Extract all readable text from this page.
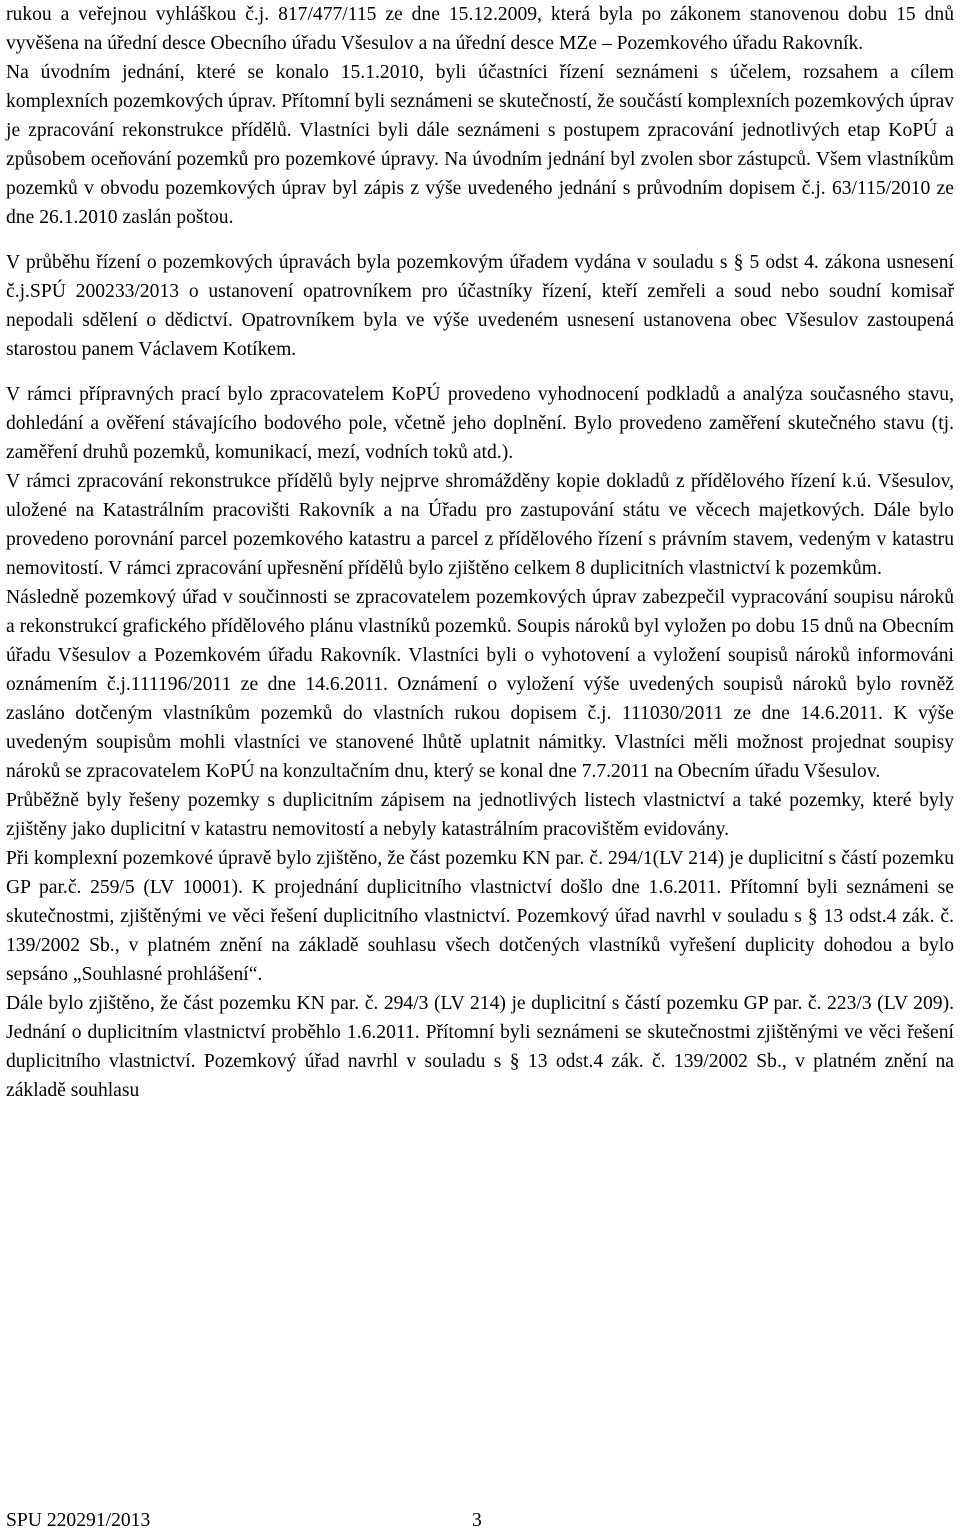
rukou a veřejnou vyhláškou č.j. 817/477/115 ze dne 15.12.2009, která byla po zákonem stanovenou dobu 15 dnů vyvěšena na úřední desce Obecního úřadu Všesulov a na úřední desce MZe – Pozemkového úřadu Rakovník.

Na úvodním jednání, které se konalo 15.1.2010, byli účastníci řízení seznámeni s účelem, rozsahem a cílem komplexních pozemkových úprav. Přítomní byli seznámeni se skutečností, že součástí komplexních pozemkových úprav je zpracování rekonstrukce přídělů. Vlastníci byli dále seznámeni s postupem zpracování jednotlivých etap KoPÚ a způsobem oceňování pozemků pro pozemkové úpravy. Na úvodním jednání byl zvolen sbor zástupců. Všem vlastníkům pozemků v obvodu pozemkových úprav byl zápis z výše uvedeného jednání s průvodním dopisem č.j. 63/115/2010 ze dne 26.1.2010 zaslán poštou.

V průběhu řízení o pozemkových úpravách byla pozemkovým úřadem vydána v souladu s § 5 odst 4. zákona usnesení č.j.SPÚ 200233/2013 o ustanovení opatrovníkem pro účastníky řízení, kteří zemřeli a soud nebo soudní komisař nepodali sdělení o dědictví. Opatrovníkem byla ve výše uvedeném usnesení ustanovena obec Všesulov zastoupená starostou panem Václavem Kotíkem.

V rámci přípravných prací bylo zpracovatelem KoPÚ provedeno vyhodnocení podkladů a analýza současného stavu, dohledání a ověření stávajícího bodového pole, včetně jeho doplnění. Bylo provedeno zaměření skutečného stavu (tj. zaměření druhů pozemků, komunikací, mezí, vodních toků atd.).

V rámci zpracování rekonstrukce přídělů byly nejprve shromážděny kopie dokladů z přídělového řízení k.ú. Všesulov, uložené na Katastrálním pracovišti Rakovník a na Úřadu pro zastupování státu ve věcech majetkových. Dále bylo provedeno porovnání parcel pozemkového katastru a parcel z přídělového řízení s právním stavem, vedeným v katastru nemovitostí. V rámci zpracování upřesnění přídělů bylo zjištěno celkem 8 duplicitních vlastnictví k pozemkům.

Následně pozemkový úřad v součinnosti se zpracovatelem pozemkových úprav zabezpečil vypracování soupisu nároků a rekonstrukcí grafického přídělového plánu vlastníků pozemků. Soupis nároků byl vyložen po dobu 15 dnů na Obecním úřadu Všesulov a Pozemkovém úřadu Rakovník. Vlastníci byli o vyhotovení a vyložení soupisů nároků informováni oznámením č.j.111196/2011 ze dne 14.6.2011. Oznámení o vyložení výše uvedených soupisů nároků bylo rovněž zasláno dotčeným vlastníkům pozemků do vlastních rukou dopisem č.j. 111030/2011 ze dne 14.6.2011. K výše uvedeným soupisům mohli vlastníci ve stanovené lhůtě uplatnit námitky. Vlastníci měli možnost projednat soupisy nároků se zpracovatelem KoPÚ na konzultačním dnu, který se konal dne 7.7.2011 na Obecním úřadu Všesulov.

Průběžně byly řešeny pozemky s duplicitním zápisem na jednotlivých listech vlastnictví a také pozemky, které byly zjištěny jako duplicitní v katastru nemovitostí a nebyly katastrálním pracovištěm evidovány.

Při komplexní pozemkové úpravě bylo zjištěno, že část pozemku KN par. č. 294/1(LV 214) je duplicitní s částí pozemku GP par.č. 259/5 (LV 10001). K projednání duplicitního vlastnictví došlo dne 1.6.2011. Přítomní byli seznámeni se skutečnostmi, zjištěnými ve věci řešení duplicitního vlastnictví. Pozemkový úřad navrhl v souladu s § 13 odst.4 zák. č. 139/2002 Sb., v platném znění na základě souhlasu všech dotčených vlastníků vyřešení duplicity dohodou a bylo sepsáno „Souhlasné prohlášení“.

Dále bylo zjištěno, že část pozemku KN par. č. 294/3 (LV 214) je duplicitní s částí pozemku GP par. č. 223/3 (LV 209). Jednání o duplicitním vlastnictví proběhlo 1.6.2011. Přítomní byli seznámeni se skutečnostmi zjištěnými ve věci řešení duplicitního vlastnictví. Pozemkový úřad navrhl v souladu s § 13 odst.4 zák. č. 139/2002 Sb., v platném znění na základě souhlasu

SPU 220291/2013	3
